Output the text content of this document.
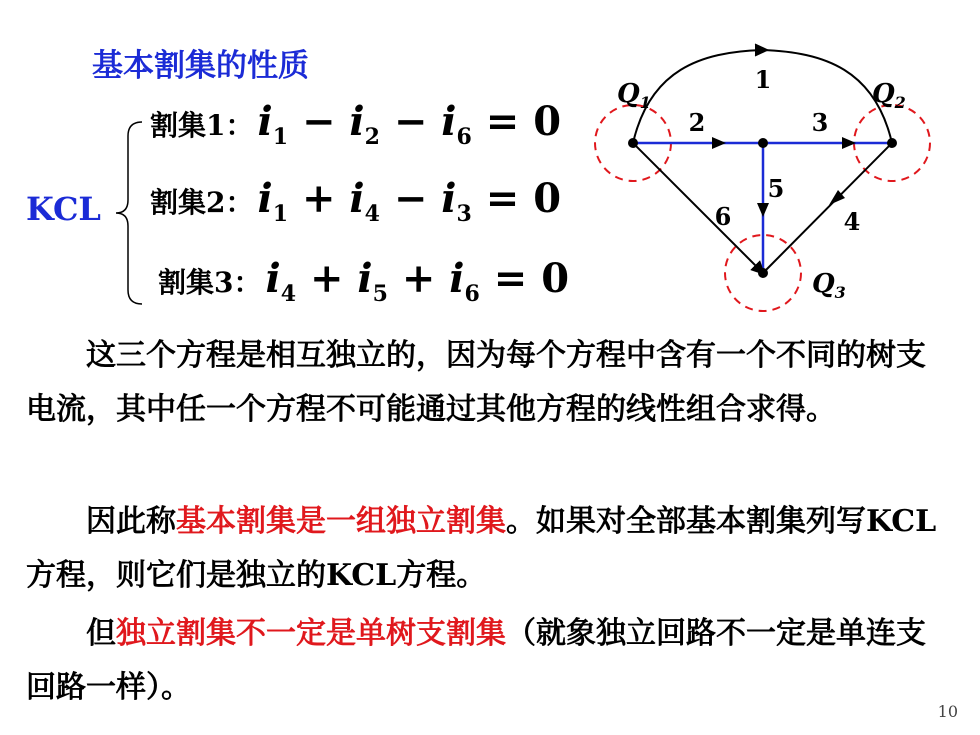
基本割集的性质
KCL
割集1： $i_1 - i_2 - i_6 = 0$
割集2： $i_1 + i_4 - i_3 = 0$
割集3： $i_4 + i_5 + i_6 = 0$
1
2	3
4
5
6
$Q_1$	$Q_2$
$Q_3$
　　这三个方程是相互独立的，因为每个方程中含有一个不同的树支电流，其中任一个方程不可能通过其他方程的线性组合求得。
　　因此称基本割集是一组独立割集。如果对全部基本割集列写KCL方程，则它们是独立的KCL方程。
　　但独立割集不一定是单树支割集（就象独立回路不一定是单连支回路一样）。
10
